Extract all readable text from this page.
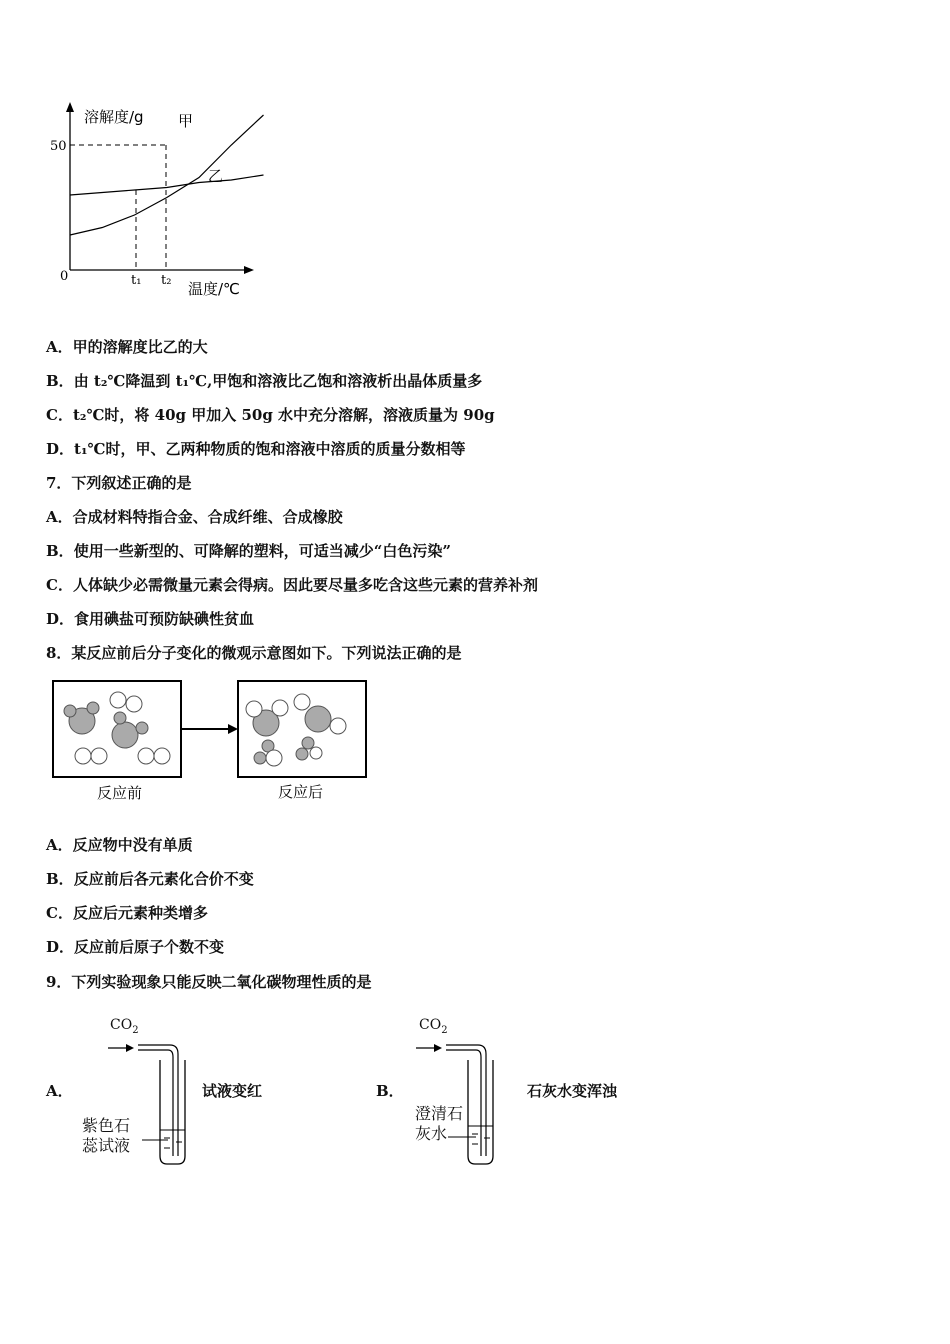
溶解度/g 甲
乙
50
0	t₁ t₂ 温度/℃
A．甲的溶解度比乙的大
B．由 t₂℃降温到 t₁℃,甲饱和溶液比乙饱和溶液析出晶体质量多
C．t₂℃时，将 40g 甲加入 50g 水中充分溶解，溶液质量为 90g
D．t₁℃时，甲、乙两种物质的饱和溶液中溶质的质量分数相等
7．下列叙述正确的是
A．合成材料特指合金、合成纤维、合成橡胶
B．使用一些新型的、可降解的塑料，可适当减少“白色污染”
C．人体缺少必需微量元素会得病。因此要尽量多吃含这些元素的营养补剂
D．食用碘盐可预防缺碘性贫血
8．某反应前后分子变化的微观示意图如下。下列说法正确的是
反应前	反应后
A．反应物中没有单质
B．反应前后各元素化合价不变
C．反应后元素种类增多
D．反应前后原子个数不变
9．下列实验现象只能反映二氧化碳物理性质的是
A．
$CO_2$
紫色石
蕊试液
试液变红	B．
$CO_2$
澄清石
灰水
石灰水变浑浊
